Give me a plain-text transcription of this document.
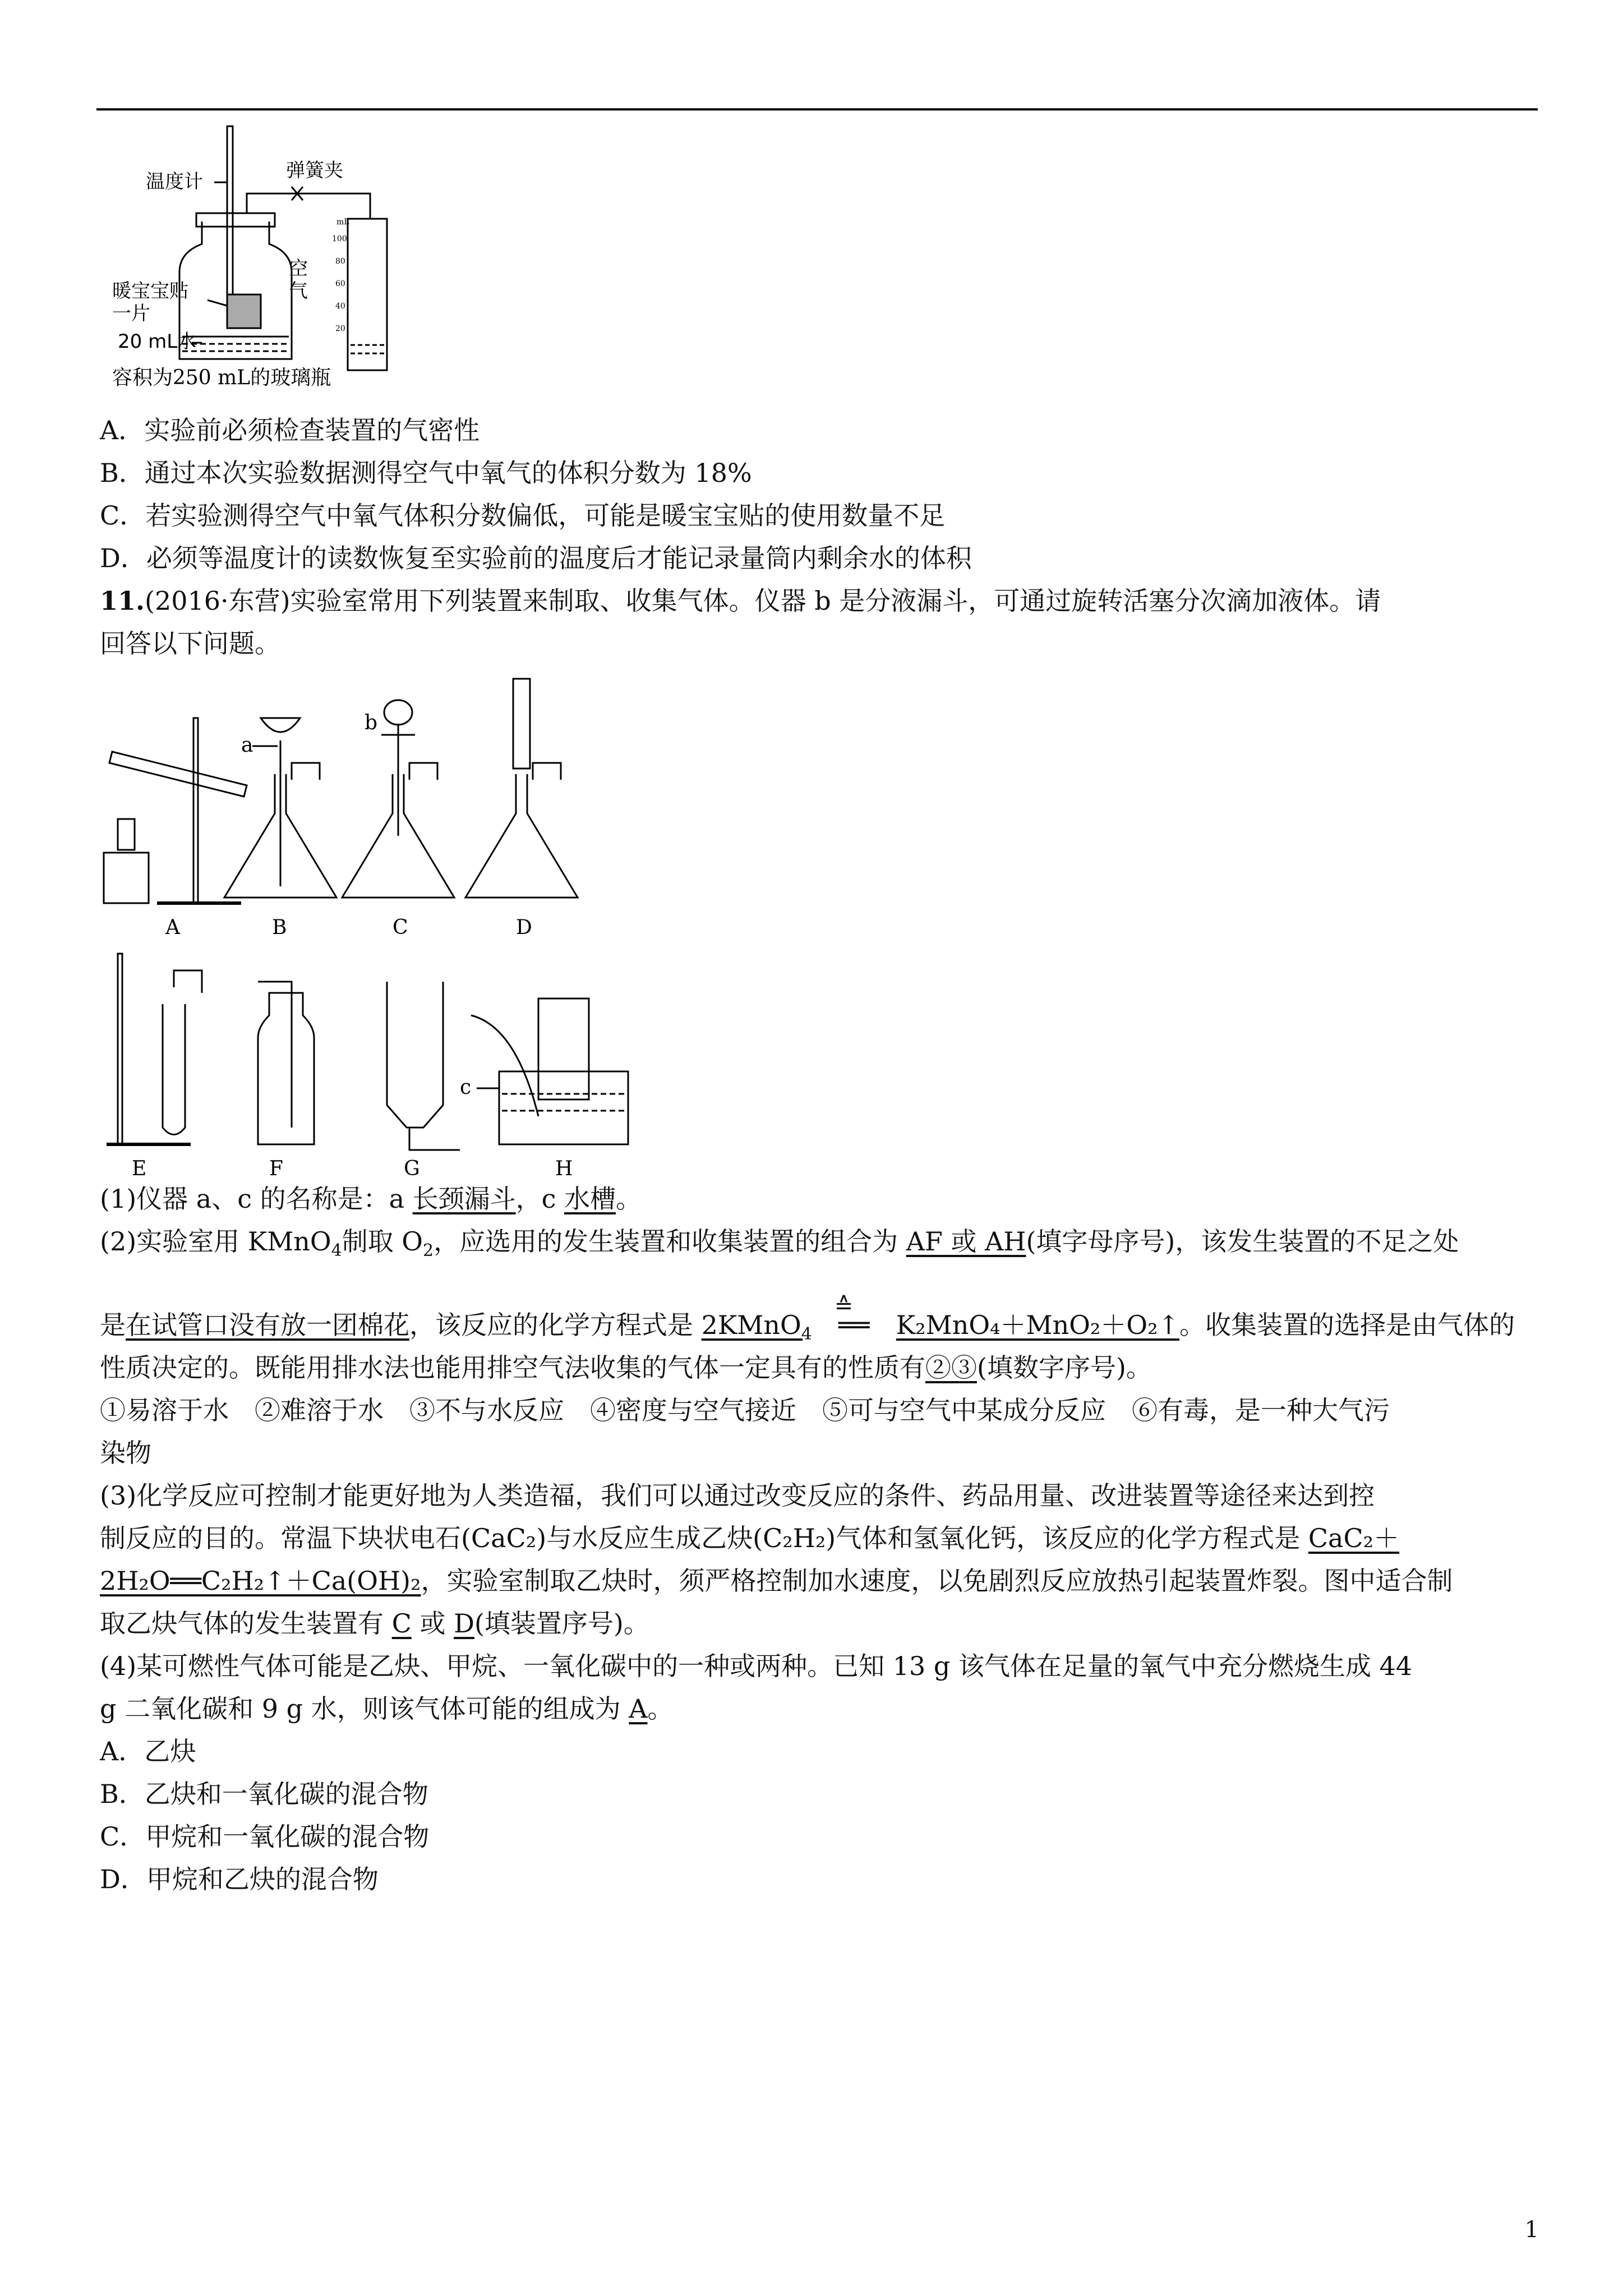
温度计	弹簧夹
空
气
暖宝宝贴
一片
20 mL水
容积为250 mL的玻璃瓶
mL
100
80
60
40
20
A．实验前必须检查装置的气密性
B．通过本次实验数据测得空气中氧气的体积分数为 18%
C．若实验测得空气中氧气体积分数偏低，可能是暖宝宝贴的使用数量不足
D．必须等温度计的读数恢复至实验前的温度后才能记录量筒内剩余水的体积
11.(2016·东营)实验室常用下列装置来制取、收集气体。仪器 b 是分液漏斗，可通过旋转活塞分次滴加液体。请
回答以下问题。
A	B	C	D
E	F	G	H
a
b
c
(1)仪器 a、c 的名称是：a 长颈漏斗，c 水槽。
(2)实验室用 KMnO$_4$制取 $O_2$，应选用的发生装置和收集装置的组合为 AF 或 AH(填字母序号)，该发生装置的不足之处
是在试管口没有放一团棉花，该反应的化学方程式是 2KMnO$_4$
≙
══ K₂MnO₄＋MnO₂＋O₂↑。收集装置的选择是由气体的
性质决定的。既能用排水法也能用排空气法收集的气体一定具有的性质有②③(填数字序号)。
①易溶于水　②难溶于水　③不与水反应　④密度与空气接近　⑤可与空气中某成分反应　⑥有毒，是一种大气污
染物
(3)化学反应可控制才能更好地为人类造福，我们可以通过改变反应的条件、药品用量、改进装置等途径来达到控
制反应的目的。常温下块状电石(CaC₂)与水反应生成乙炔(C₂H₂)气体和氢氧化钙，该反应的化学方程式是 CaC₂＋
2H₂O══C₂H₂↑＋Ca(OH)₂，实验室制取乙炔时，须严格控制加水速度，以免剧烈反应放热引起装置炸裂。图中适合制
取乙炔气体的发生装置有 C 或 D(填装置序号)。
(4)某可燃性气体可能是乙炔、甲烷、一氧化碳中的一种或两种。已知 13 g 该气体在足量的氧气中充分燃烧生成 44
g 二氧化碳和 9 g 水，则该气体可能的组成为 A。
A．乙炔
B．乙炔和一氧化碳的混合物
C．甲烷和一氧化碳的混合物
D．甲烷和乙炔的混合物
1
